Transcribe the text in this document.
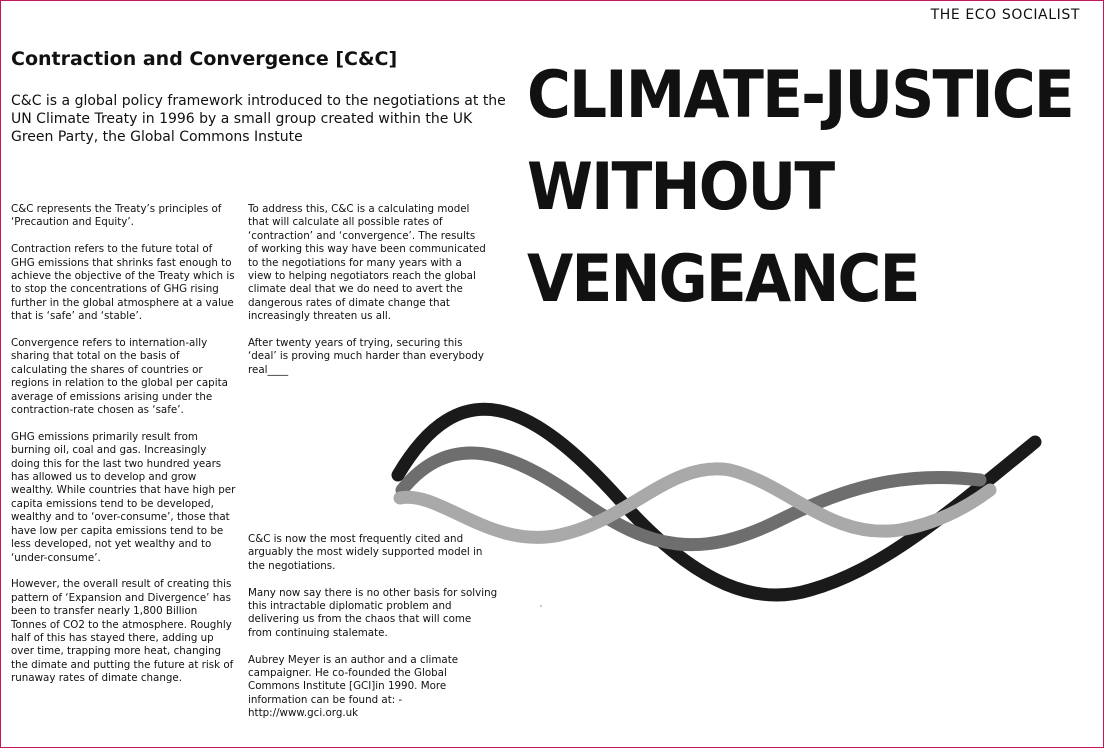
THE ECO SOCIALIST
Contraction and Convergence [C&C]
C&C is a global policy framework introduced to the negotiations at the UN Climate Treaty in 1996 by a small group created within the UK Green Party, the Global Commons Instute

C&C represents the Treaty’s principles of ‘Precaution and Equity’.

Contraction refers to the future total of GHG emissions that shrinks fast enough to achieve the objective of the Treaty which is to stop the concentrations of GHG rising further in the global atmosphere at a value that is ‘safe’ and ‘stable’.

Convergence refers to internation-ally sharing that total on the basis of calculating the shares of countries or regions in relation to the global per capita average of emissions arising under the contraction-rate chosen as ‘safe’.

GHG emissions primarily result from burning oil, coal and gas. Increasingly doing this for the last two hundred years has allowed us to develop and grow wealthy. While countries that have high per capita emissions tend to be developed, wealthy and to ‘over-consume’, those that have low per capita emissions tend to be less developed, not yet wealthy and to ‘under-consume’.

However, the overall result of creating this pattern of ‘Expansion and Divergence’ has been to transfer nearly 1,800 Billion Tonnes of CO2 to the atmosphere. Roughly half of this has stayed there, adding up over time, trapping more heat, changing the dimate and putting the future at risk of runaway rates of dimate change.

To address this, C&C is a calculating model that will calculate all possible rates of ‘contraction’ and ‘convergence’. The results of working this way have been communicated to the negotiations for many years with a view to helping negotiators reach the global climate deal that we do need to avert the dangerous rates of dimate change that increasingly threaten us all.

After twenty years of trying, securing this ‘deal’ is proving much harder than everybody real____

C&C is now the most frequently cited and arguably the most widely supported model in the negotiations.

Many now say there is no other basis for solving this intractable diplomatic problem and delivering us from the chaos that will come from continuing stalemate.

Aubrey Meyer is an author and a climate campaigner. He co-founded the Global Commons Institute [GCI]in 1990. More information can be found at: - http://www.gci.org.uk

CLIMATE-JUSTICE
WITHOUT
VENGEANCE
